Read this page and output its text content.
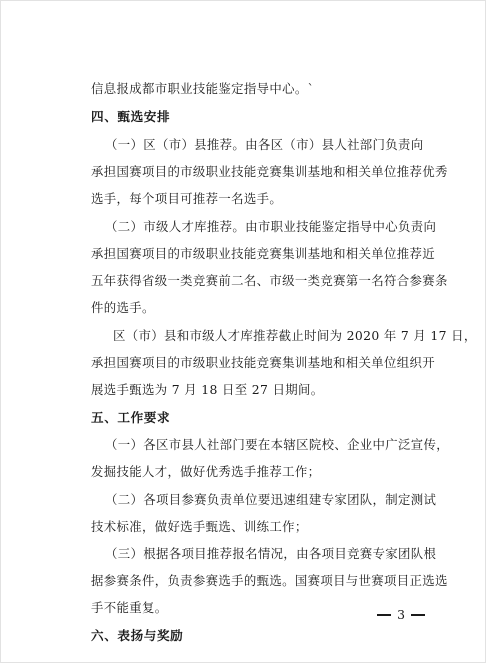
信息报成都市职业技能鉴定指导中心。`
四、甄选安排
（一）区（市）县推荐。由各区（市）县人社部门负责向
承担国赛项目的市级职业技能竞赛集训基地和相关单位推荐优秀
选手，每个项目可推荐一名选手。
（二）市级人才库推荐。由市职业技能鉴定指导中心负责向
承担国赛项目的市级职业技能竞赛集训基地和相关单位推荐近
五年获得省级一类竞赛前二名、市级一类竞赛第一名符合参赛条
件的选手。
区（市）县和市级人才库推荐截止时间为 2020 年 7 月 17 日，
承担国赛项目的市级职业技能竞赛集训基地和相关单位组织开
展选手甄选为 7 月 18 日至 27 日期间。
五、工作要求
（一）各区市县人社部门要在本辖区院校、企业中广泛宣传，
发掘技能人才，做好优秀选手推荐工作；
（二）各项目参赛负责单位要迅速组建专家团队，制定测试
技术标准，做好选手甄选、训练工作；
（三）根据各项目推荐报名情况，由各项目竞赛专家团队根
据参赛条件，负责参赛选手的甄选。国赛项目与世赛项目正选选
手不能重复。
六、表扬与奖励
3
